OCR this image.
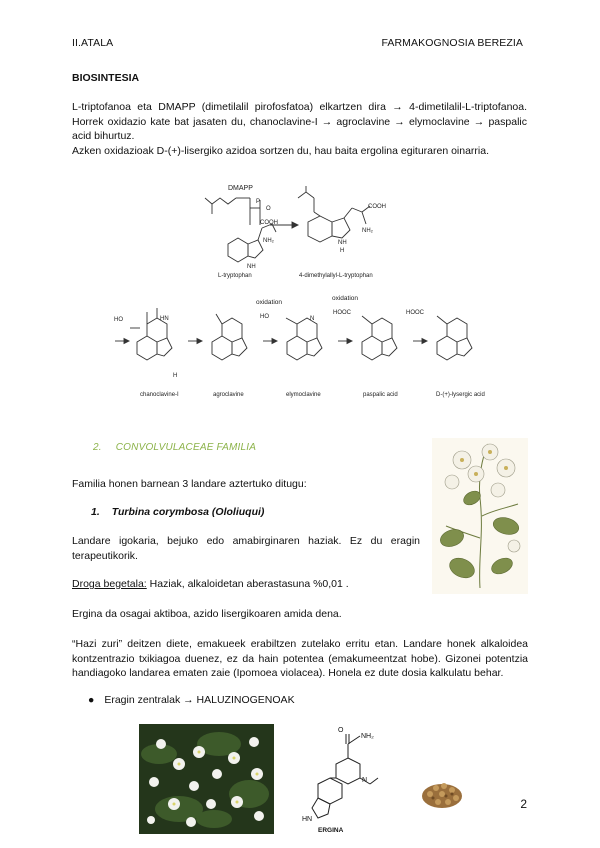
II.ATALA	FARMAKOGNOSIA BEREZIA
BIOSINTESIA
L-triptofanoa eta DMAPP (dimetilalil pirofosfatoa) elkartzen dira → 4-dimetilalil-L-triptofanoa. Horrek oxidazio kate bat jasaten du, chanoclavine-I → agroclavine → elymoclavine → paspalic acid bihurtuz.
Azken oxidazioak D-(+)-lisergiko azidoa sortzen du, hau baita ergolina egituraren oinarria.
DMAPP
P
O
COOH
NH₂
NH
COOH
NH₂
NH
H
L-tryptophan	4-dimethylallyl-L-tryptophan
HO	HN	HO
HOOC	HOOC
N
H
oxidation
oxidation
chanoclavine-I	agroclavine	elymoclavine	paspalic acid	D-(+)-lysergic acid
2. CONVOLVULACEAE FAMILIA
Familia honen barnean 3 landare aztertuko ditugu:
1. Turbina corymbosa (Ololiuqui)
Landare igokaria, bejuko edo amabirginaren haziak. Ez du eragin terapeutikorik.
Droga begetala: Haziak, alkaloidetan aberastasuna %0,01 .
Ergina da osagai aktiboa, azido lisergikoaren amida dena.
“Hazi zuri” deitzen diete, emakueek erabiltzen zutelako erritu etan. Landare honek alkaloidea kontzentrazio txikiagoa duenez, ez da hain potentea (emakumeentzat hobe). Gizonei potentzia handiagoko landarea ematen zaie (Ipomoea violacea). Honela ez dute dosia kalkulatu behar.
● Eragin zentralak → HALUZINOGENOAK
O
NH₂
N
HN
ERGINA
2
